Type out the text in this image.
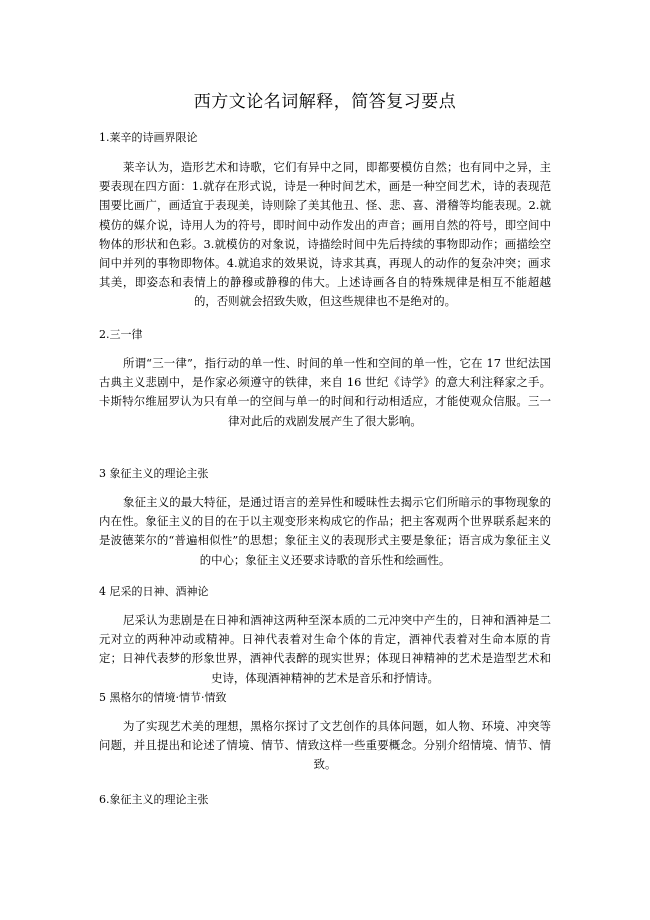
西方文论名词解释，简答复习要点
1.莱辛的诗画界限论
莱辛认为，造形艺术和诗歌，它们有异中之同，即都要模仿自然；也有同中之异，主要表现在四方面：1.就存在形式说，诗是一种时间艺术，画是一种空间艺术，诗的表现范围要比画广，画适宜于表现美，诗则除了美其他丑、怪、悲、喜、滑稽等均能表现。2.就模仿的媒介说，诗用人为的符号，即时间中动作发出的声音；画用自然的符号，即空间中物体的形状和色彩。3.就模仿的对象说，诗描绘时间中先后持续的事物即动作；画描绘空间中并列的事物即物体。4.就追求的效果说，诗求其真，再现人的动作的复杂冲突；画求其美，即姿态和表情上的静穆或静穆的伟大。上述诗画各自的特殊规律是相互不能超越的，否则就会招致失败，但这些规律也不是绝对的。
2.三一律
所谓“三一律”，指行动的单一性、时间的单一性和空间的单一性，它在 17 世纪法国古典主义悲剧中，是作家必须遵守的铁律，来自 16 世纪《诗学》的意大利注释家之手。卡斯特尔维屈罗认为只有单一的空间与单一的时间和行动相适应，才能使观众信服。三一律对此后的戏剧发展产生了很大影响。
3 象征主义的理论主张
象征主义的最大特征，是通过语言的差异性和暧昧性去揭示它们所暗示的事物现象的内在性。象征主义的目的在于以主观变形来构成它的作品；把主客观两个世界联系起来的是波德莱尔的“普遍相似性”的思想；象征主义的表现形式主要是象征；语言成为象征主义的中心；象征主义还要求诗歌的音乐性和绘画性。
4 尼采的日神、酒神论
尼采认为悲剧是在日神和酒神这两种至深本质的二元冲突中产生的，日神和酒神是二元对立的两种冲动或精神。日神代表着对生命个体的肯定，酒神代表着对生命本原的肯定；日神代表梦的形象世界，酒神代表醉的现实世界；体现日神精神的艺术是造型艺术和史诗，体现酒神精神的艺术是音乐和抒情诗。
5 黑格尔的情境·情节·情致
为了实现艺术美的理想，黑格尔探讨了文艺创作的具体问题，如人物、环境、冲突等问题，并且提出和论述了情境、情节、情致这样一些重要概念。分别介绍情境、情节、情致。
6.象征主义的理论主张
